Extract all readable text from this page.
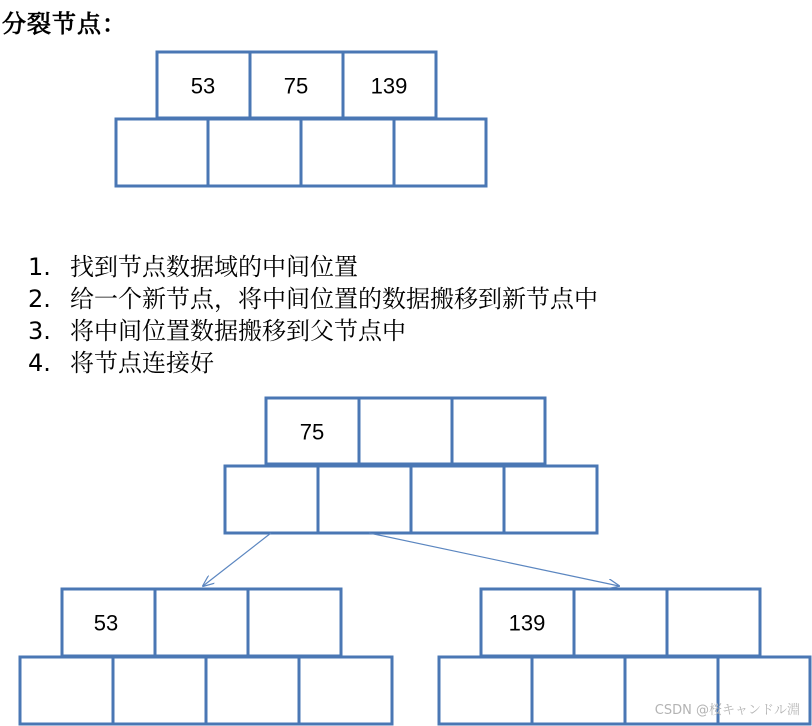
分裂节点：
53	75	139
75
53	139
1. 找到节点数据域的中间位置
2. 给一个新节点，将中间位置的数据搬移到新节点中
3. 将中间位置数据搬移到父节点中
4. 将节点连接好
CSDN @桜キャンドル淵
